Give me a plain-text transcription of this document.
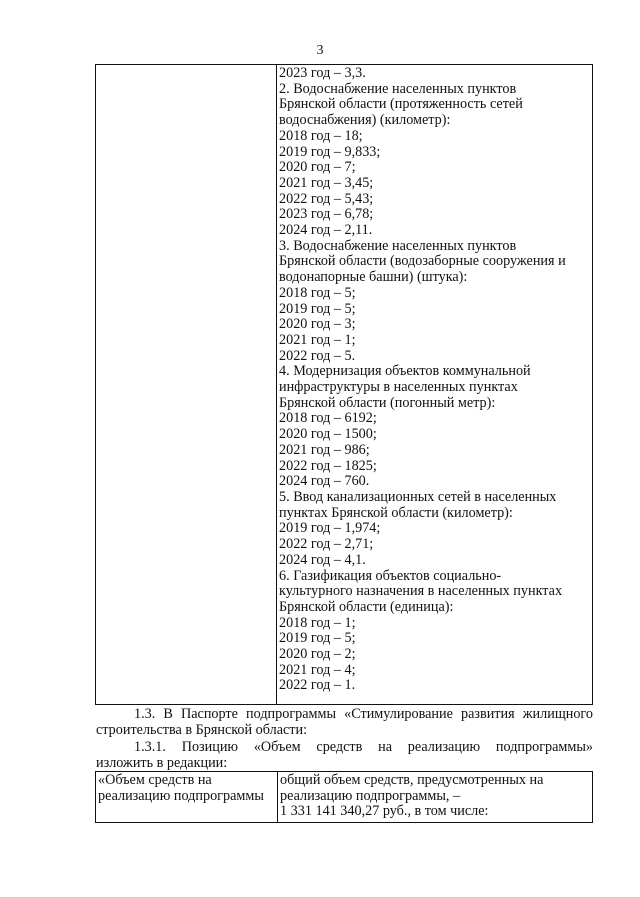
3
2023 год – 3,3.
2. Водоснабжение населенных пунктов
Брянской области (протяженность сетей
водоснабжения) (километр):
2018 год – 18;
2019 год – 9,833;
2020 год – 7;
2021 год – 3,45;
2022 год – 5,43;
2023 год – 6,78;
2024 год – 2,11.
3. Водоснабжение населенных пунктов
Брянской области (водозаборные сооружения и
водонапорные башни) (штука):
2018 год – 5;
2019 год – 5;
2020 год – 3;
2021 год – 1;
2022 год – 5.
4. Модернизация объектов коммунальной
инфраструктуры в населенных пунктах
Брянской области (погонный метр):
2018 год – 6192;
2020 год – 1500;
2021 год – 986;
2022 год – 1825;
2024 год – 760.
5. Ввод канализационных сетей в населенных
пунктах Брянской области (километр):
2019 год – 1,974;
2022 год – 2,71;
2024 год – 4,1.
6. Газификация объектов социально-
культурного назначения в населенных пунктах
Брянской области (единица):
2018 год – 1;
2019 год – 5;
2020 год – 2;
2021 год – 4;
2022 год – 1.
1.3. В Паспорте подпрограммы «Стимулирование развития жилищного
строительства в Брянской области:
1.3.1. Позицию «Объем средств на реализацию подпрограммы»
изложить в редакции:
«Объем средств на
реализацию подпрограммы
общий объем средств, предусмотренных на
реализацию подпрограммы, –
1 331 141 340,27 руб., в том числе:
